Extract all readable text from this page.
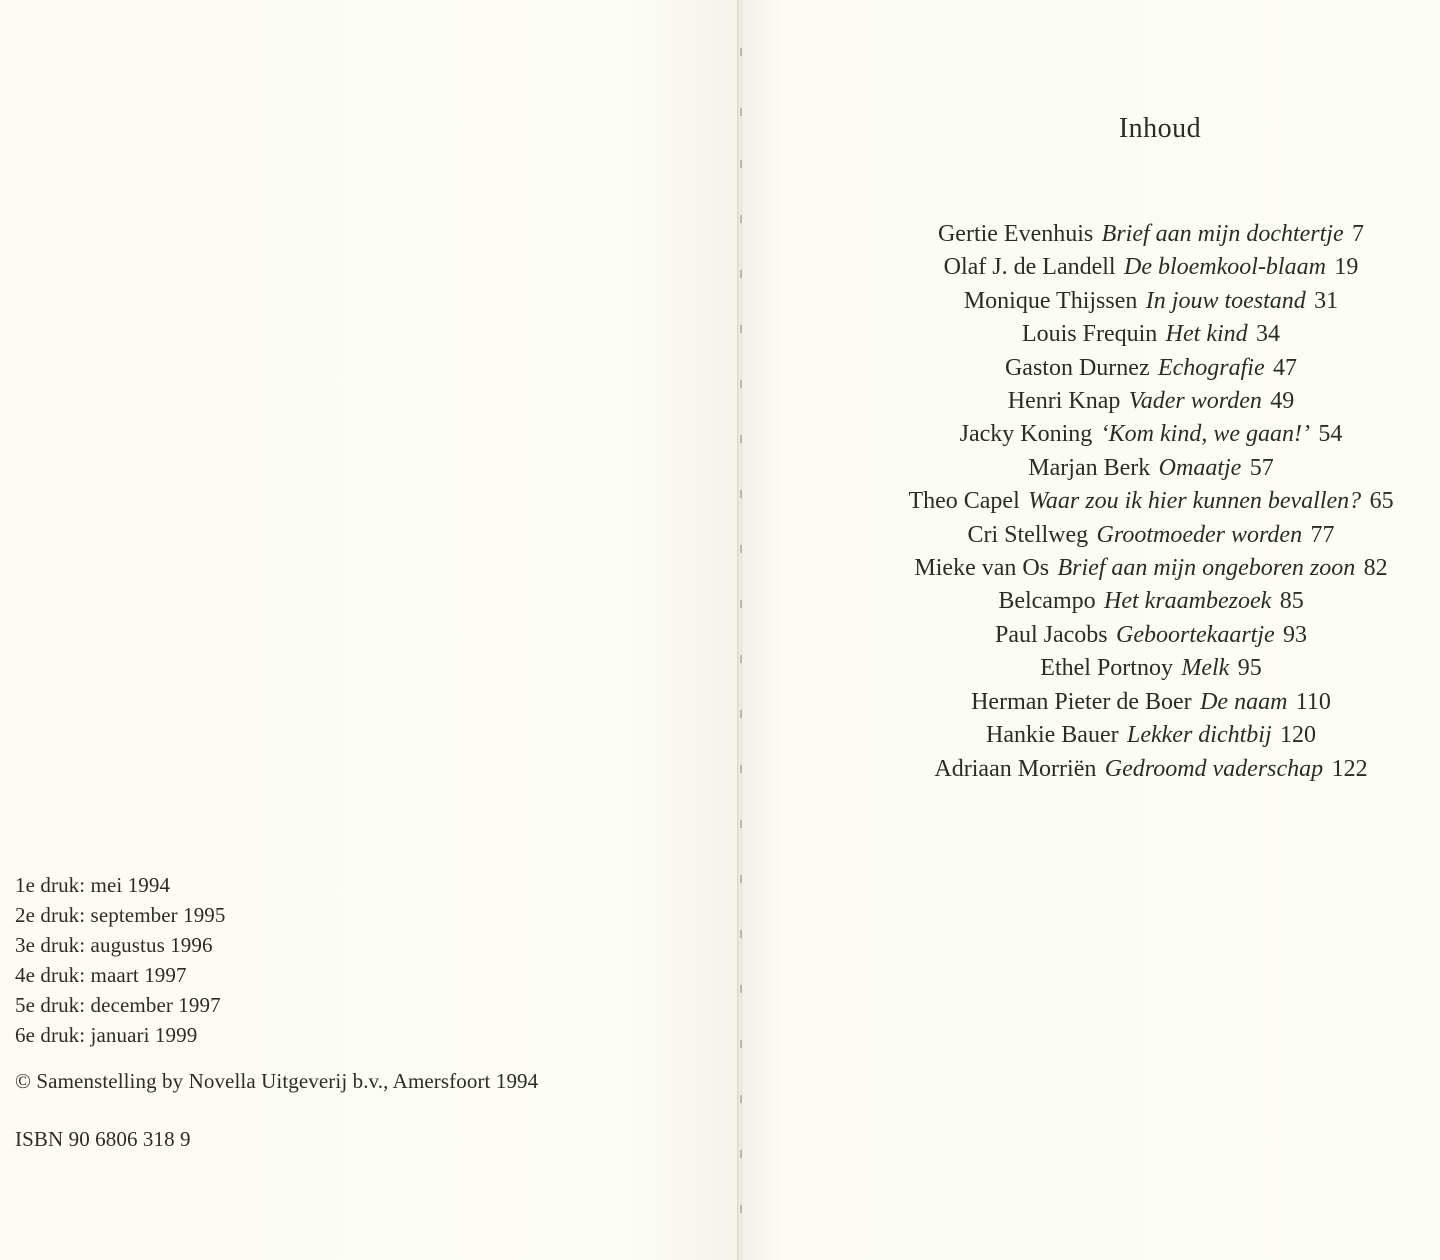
1e druk: mei 1994
2e druk: september 1995
3e druk: augustus 1996
4e druk: maart 1997
5e druk: december 1997
6e druk: januari 1999
© Samenstelling by Novella Uitgeverij b.v., Amersfoort 1994
ISBN 90 6806 318 9
Inhoud
Gertie Evenhuis Brief aan mijn dochtertje 7
Olaf J. de Landell De bloemkool-blaam 19
Monique Thijssen In jouw toestand 31
Louis Frequin Het kind 34
Gaston Durnez Echografie 47
Henri Knap Vader worden 49
Jacky Koning ‘Kom kind, we gaan!’ 54
Marjan Berk Omaatje 57
Theo Capel Waar zou ik hier kunnen bevallen? 65
Cri Stellweg Grootmoeder worden 77
Mieke van Os Brief aan mijn ongeboren zoon 82
Belcampo Het kraambezoek 85
Paul Jacobs Geboortekaartje 93
Ethel Portnoy Melk 95
Herman Pieter de Boer De naam 110
Hankie Bauer Lekker dichtbij 120
Adriaan Morriën Gedroomd vaderschap 122
